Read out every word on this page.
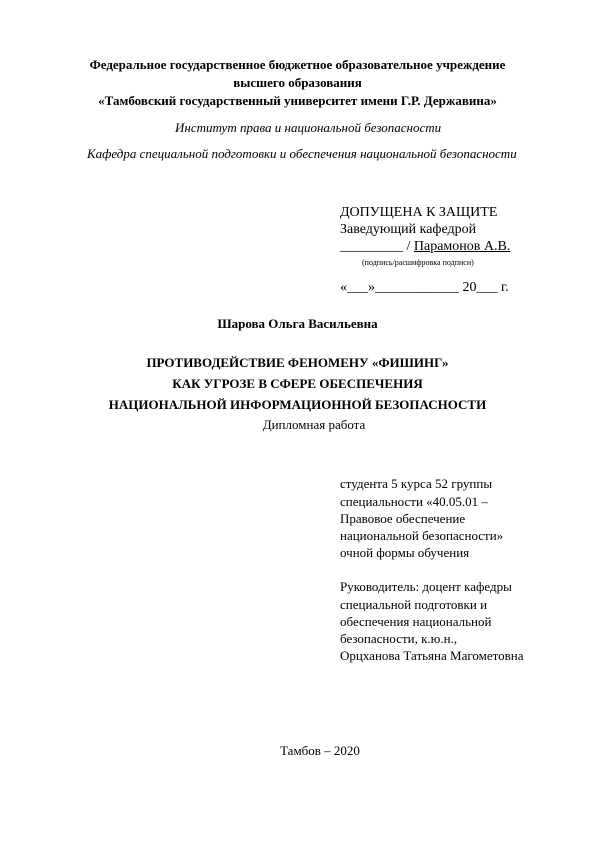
Федеральное государственное бюджетное образовательное учреждение
высшего образования
«Тамбовский государственный университет имени Г.Р. Державина»
Институт права и национальной безопасности
Кафедра специальной подготовки и обеспечения национальной безопасности
ДОПУЩЕНА К ЗАЩИТЕ
Заведующий кафедрой
_________ / Парамонов А.В.
(подпись/расшифровка подписи)
«___»____________ 20___ г.
Шарова Ольга Васильевна
ПРОТИВОДЕЙСТВИЕ ФЕНОМЕНУ «ФИШИНГ»
КАК УГРОЗЕ В СФЕРЕ ОБЕСПЕЧЕНИЯ
НАЦИОНАЛЬНОЙ ИНФОРМАЦИОННОЙ БЕЗОПАСНОСТИ
Дипломная работа
студента 5 курса 52 группы
специальности «40.05.01 –
Правовое обеспечение
национальной безопасности»
очной формы обучения
Руководитель: доцент кафедры
специальной подготовки и
обеспечения национальной
безопасности, к.ю.н.,
Орцханова Татьяна Магометовна
Тамбов – 2020
